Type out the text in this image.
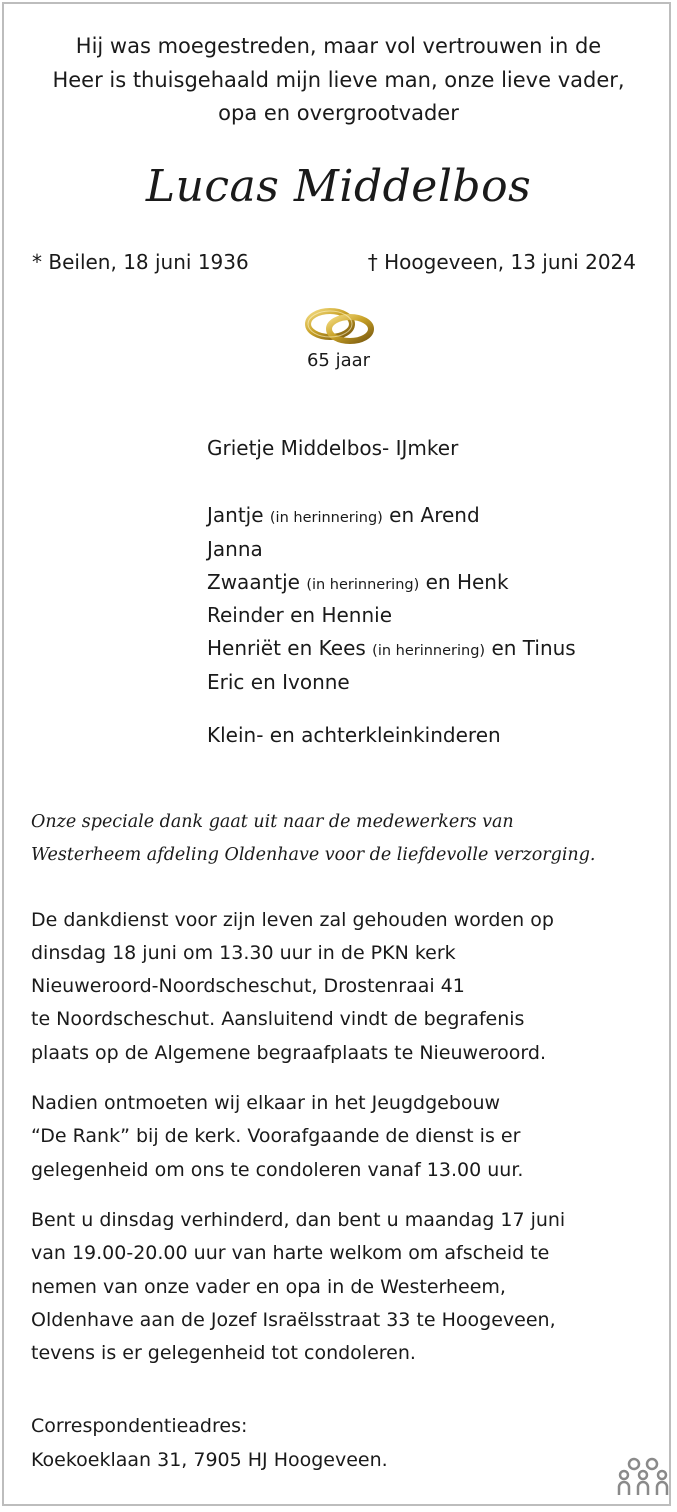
Hij was moegestreden, maar vol vertrouwen in de
Heer is thuisgehaald mijn lieve man, onze lieve vader,
opa en overgrootvader
Lucas Middelbos
* Beilen, 18 juni 1936	† Hoogeveen, 13 juni 2024
65 jaar
Grietje Middelbos- IJmker
Jantje (in herinnering) en Arend
Janna
Zwaantje (in herinnering) en Henk
Reinder en Hennie
Henriët en Kees (in herinnering) en Tinus
Eric en Ivonne
Klein- en achterkleinkinderen
Onze speciale dank gaat uit naar de medewerkers van
Westerheem afdeling Oldenhave voor de liefdevolle verzorging.
De dankdienst voor zijn leven zal gehouden worden op
dinsdag 18 juni om 13.30 uur in de PKN kerk
Nieuweroord-Noordscheschut, Drostenraai 41
te Noordscheschut. Aansluitend vindt de begrafenis
plaats op de Algemene begraafplaats te Nieuweroord.
Nadien ontmoeten wij elkaar in het Jeugdgebouw
“De Rank” bij de kerk. Voorafgaande de dienst is er
gelegenheid om ons te condoleren vanaf 13.00 uur.
Bent u dinsdag verhinderd, dan bent u maandag 17 juni
van 19.00-20.00 uur van harte welkom om afscheid te
nemen van onze vader en opa in de Westerheem,
Oldenhave aan de Jozef Israëlsstraat 33 te Hoogeveen,
tevens is er gelegenheid tot condoleren.
Correspondentieadres:
Koekoeklaan 31, 7905 HJ Hoogeveen.
